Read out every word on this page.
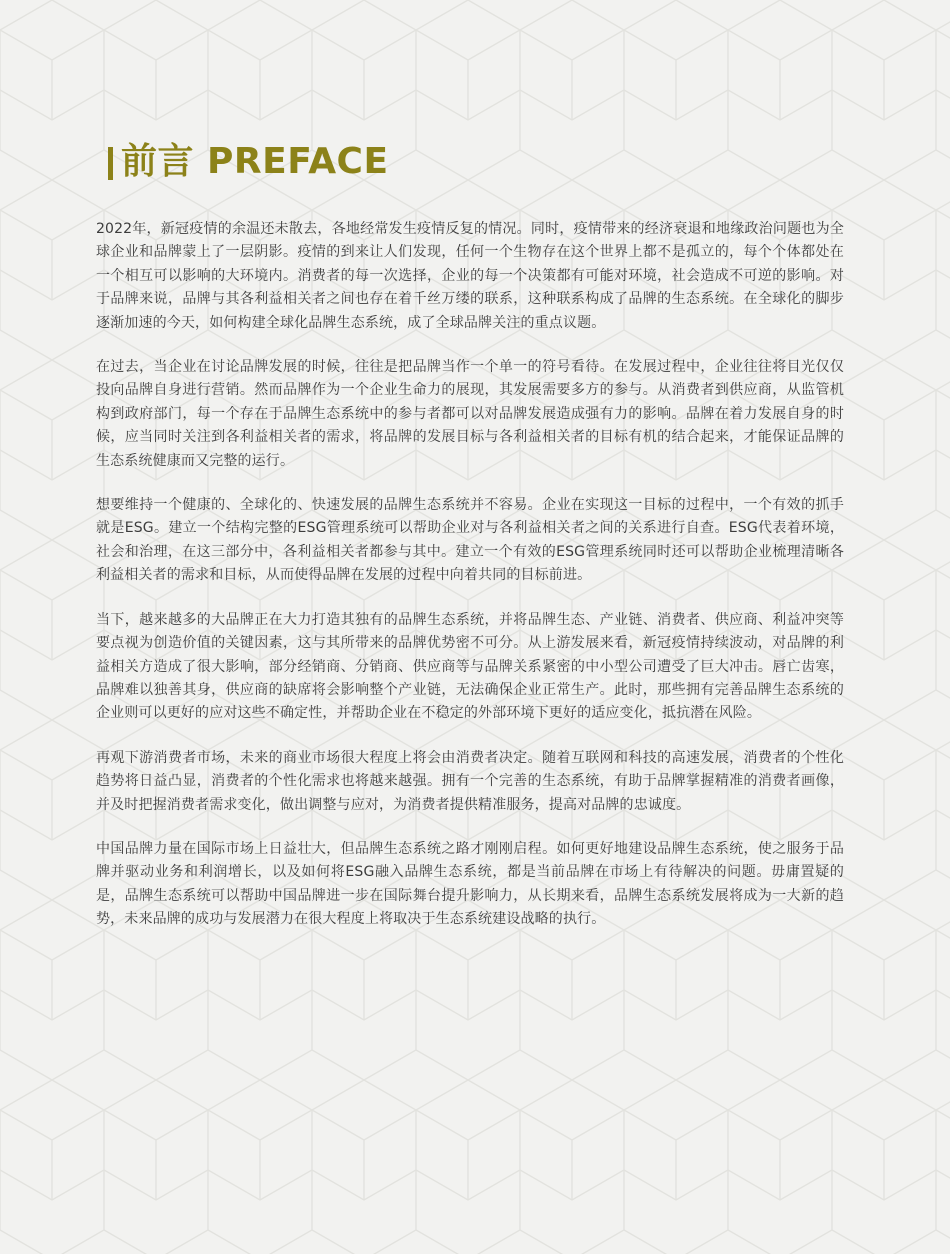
前言 PREFACE

2022年，新冠疫情的余温还未散去，各地经常发生疫情反复的情况。同时，疫情带来的经济衰退和地缘政治问题也为全球企业和品牌蒙上了一层阴影。疫情的到来让人们发现，任何一个生物存在这个世界上都不是孤立的，每个个体都处在一个相互可以影响的大环境内。消费者的每一次选择，企业的每一个决策都有可能对环境，社会造成不可逆的影响。对于品牌来说，品牌与其各利益相关者之间也存在着千丝万缕的联系，这种联系构成了品牌的生态系统。在全球化的脚步逐渐加速的今天，如何构建全球化品牌生态系统，成了全球品牌关注的重点议题。

在过去，当企业在讨论品牌发展的时候，往往是把品牌当作一个单一的符号看待。在发展过程中，企业往往将目光仅仅投向品牌自身进行营销。然而品牌作为一个企业生命力的展现，其发展需要多方的参与。从消费者到供应商，从监管机构到政府部门，每一个存在于品牌生态系统中的参与者都可以对品牌发展造成强有力的影响。品牌在着力发展自身的时候，应当同时关注到各利益相关者的需求，将品牌的发展目标与各利益相关者的目标有机的结合起来，才能保证品牌的生态系统健康而又完整的运行。

想要维持一个健康的、全球化的、快速发展的品牌生态系统并不容易。企业在实现这一目标的过程中，一个有效的抓手就是ESG。建立一个结构完整的ESG管理系统可以帮助企业对与各利益相关者之间的关系进行自查。ESG代表着环境，社会和治理，在这三部分中，各利益相关者都参与其中。建立一个有效的ESG管理系统同时还可以帮助企业梳理清晰各利益相关者的需求和目标，从而使得品牌在发展的过程中向着共同的目标前进。

当下，越来越多的大品牌正在大力打造其独有的品牌生态系统，并将品牌生态、产业链、消费者、供应商、利益冲突等要点视为创造价值的关键因素，这与其所带来的品牌优势密不可分。从上游发展来看，新冠疫情持续波动，对品牌的利益相关方造成了很大影响，部分经销商、分销商、供应商等与品牌关系紧密的中小型公司遭受了巨大冲击。唇亡齿寒，品牌难以独善其身，供应商的缺席将会影响整个产业链，无法确保企业正常生产。此时，那些拥有完善品牌生态系统的企业则可以更好的应对这些不确定性，并帮助企业在不稳定的外部环境下更好的适应变化，抵抗潜在风险。

再观下游消费者市场，未来的商业市场很大程度上将会由消费者决定。随着互联网和科技的高速发展，消费者的个性化趋势将日益凸显，消费者的个性化需求也将越来越强。拥有一个完善的生态系统，有助于品牌掌握精准的消费者画像，并及时把握消费者需求变化，做出调整与应对，为消费者提供精准服务，提高对品牌的忠诚度。

中国品牌力量在国际市场上日益壮大，但品牌生态系统之路才刚刚启程。如何更好地建设品牌生态系统，使之服务于品牌并驱动业务和利润增长，以及如何将ESG融入品牌生态系统，都是当前品牌在市场上有待解决的问题。毋庸置疑的是，品牌生态系统可以帮助中国品牌进一步在国际舞台提升影响力，从长期来看，品牌生态系统发展将成为一大新的趋势，未来品牌的成功与发展潜力在很大程度上将取决于生态系统建设战略的执行。
